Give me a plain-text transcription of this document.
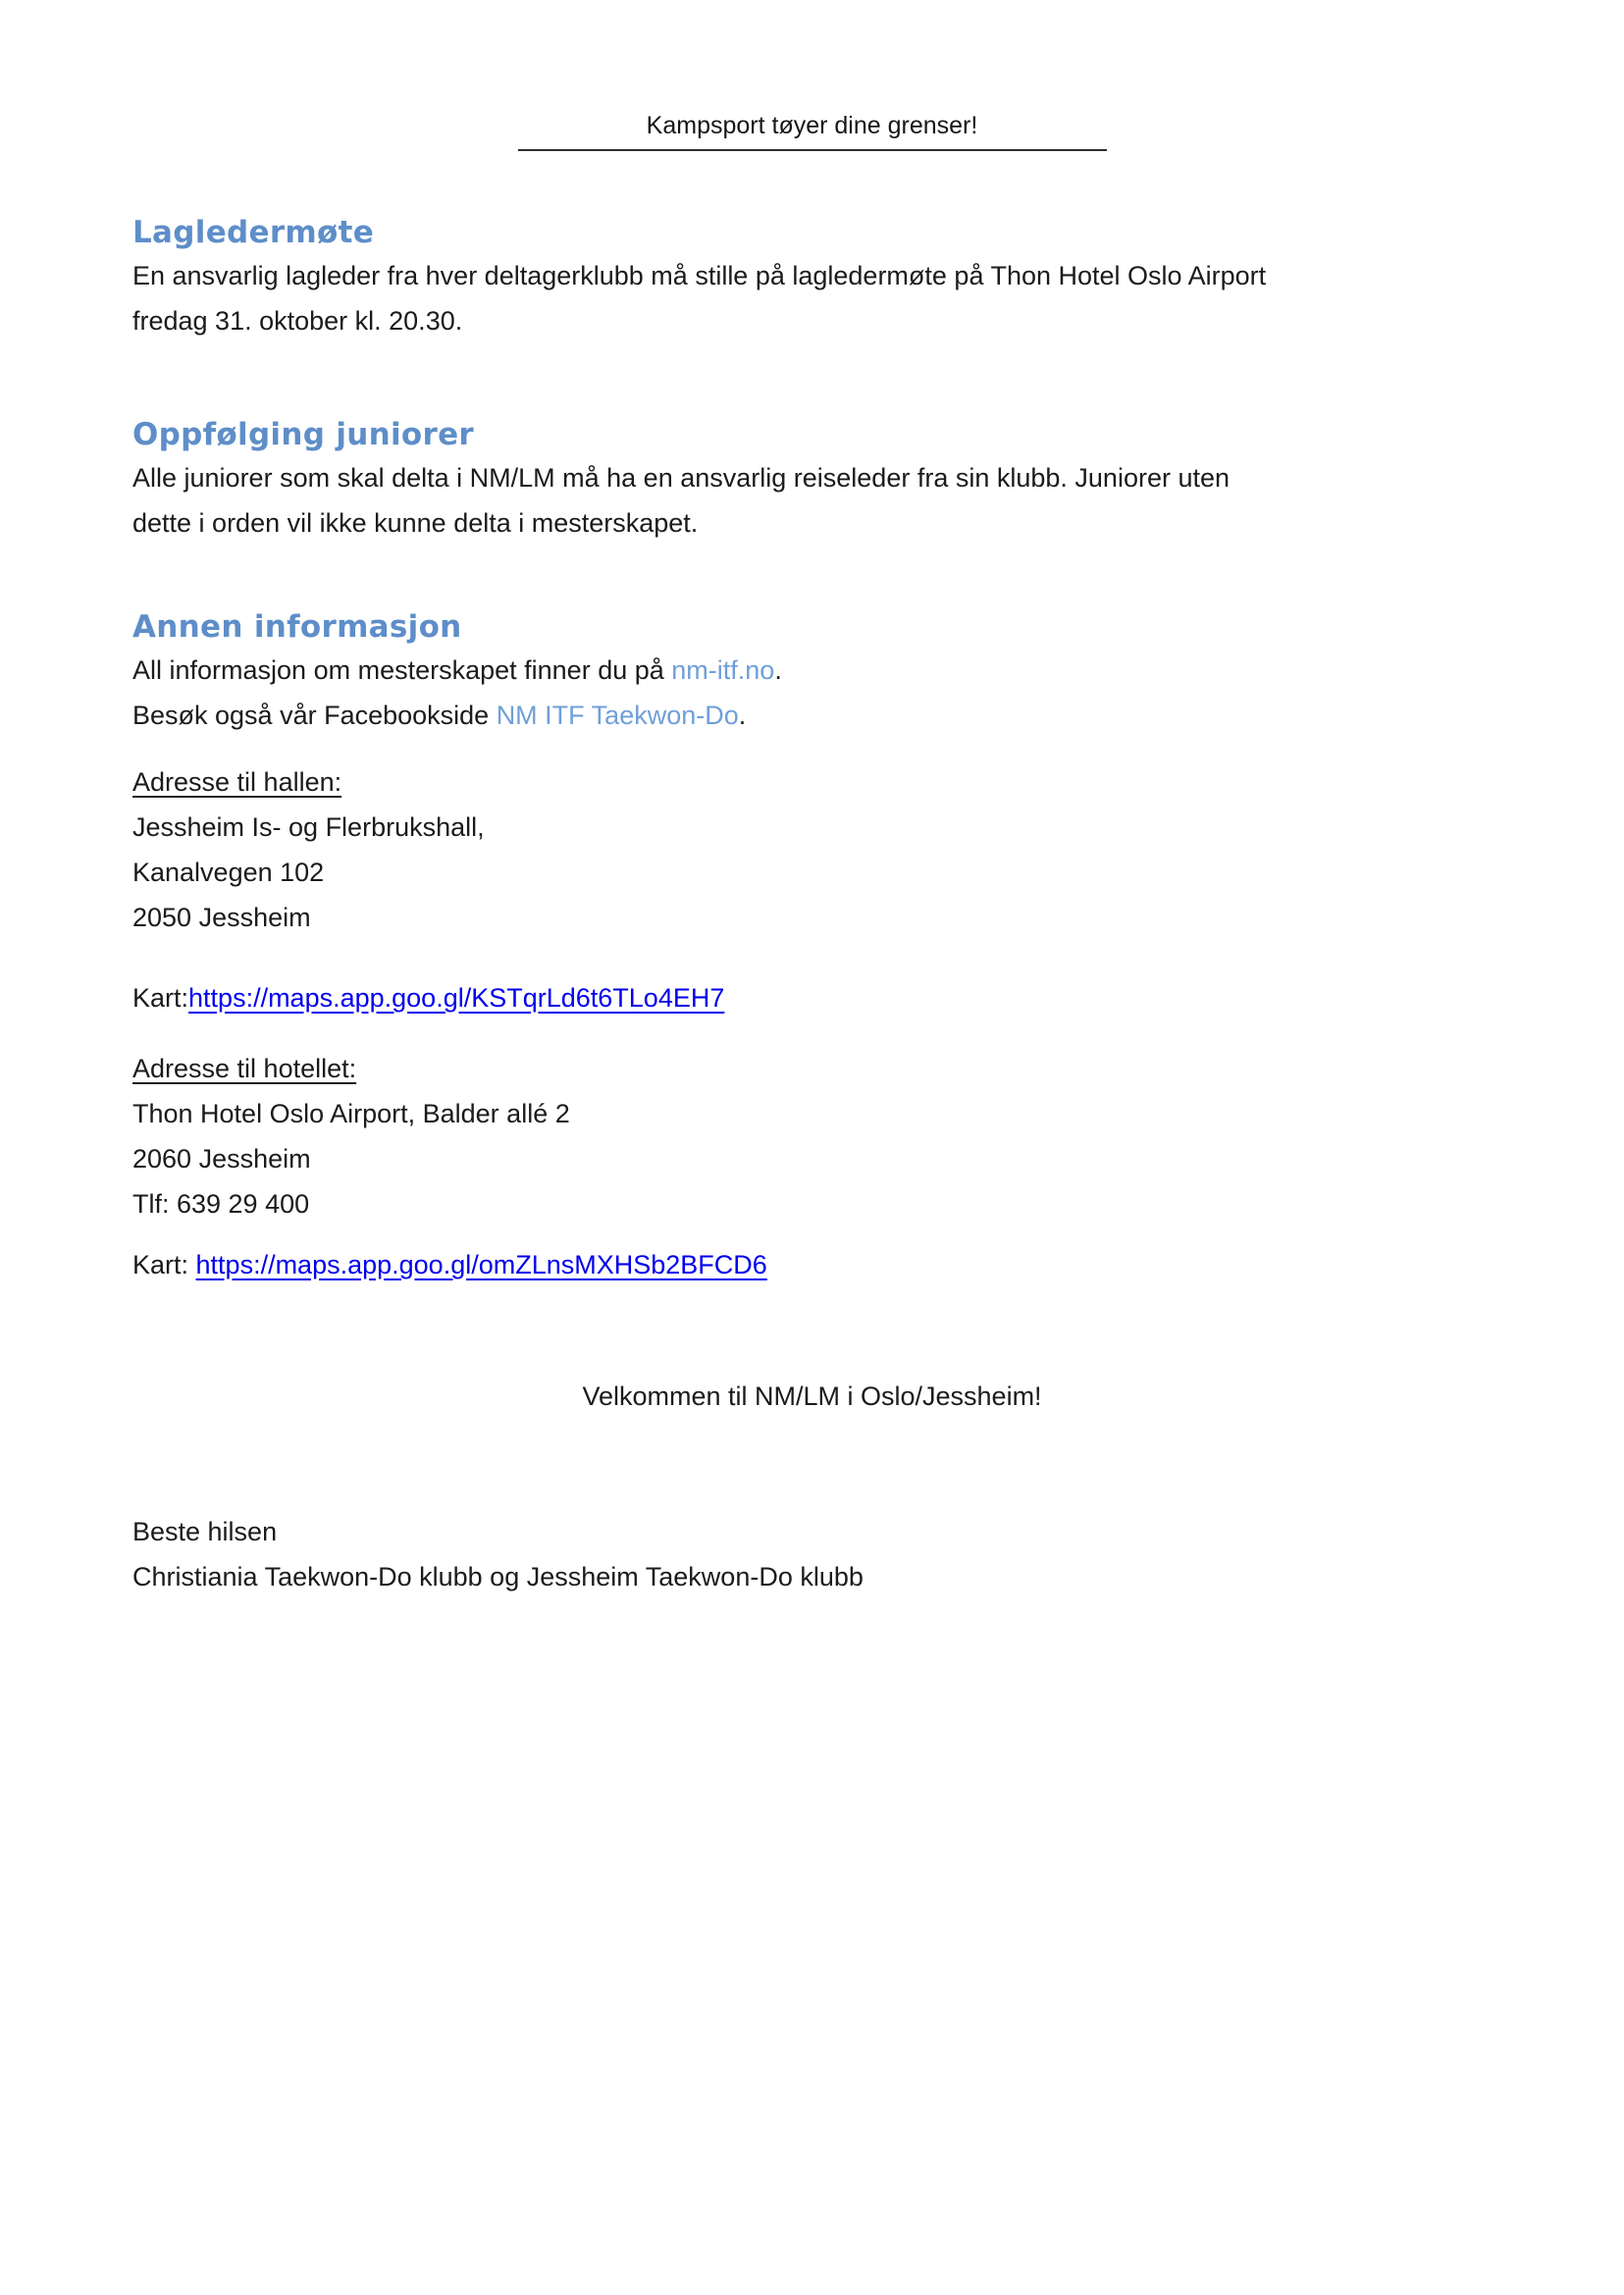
Kampsport tøyer dine grenser!
Lagledermøte
En ansvarlig lagleder fra hver deltagerklubb må stille på lagledermøte på Thon Hotel Oslo Airport
fredag 31. oktober kl. 20.30.
Oppfølging juniorer
Alle juniorer som skal delta i NM/LM må ha en ansvarlig reiseleder fra sin klubb. Juniorer uten
dette i orden vil ikke kunne delta i mesterskapet.
Annen informasjon
All informasjon om mesterskapet finner du på nm-itf.no.
Besøk også vår Facebookside NM ITF Taekwon-Do.
Adresse til hallen:
Jessheim Is- og Flerbrukshall,
Kanalvegen 102
2050 Jessheim
Kart:https://maps.app.goo.gl/KSTqrLd6t6TLo4EH7
Adresse til hotellet:
Thon Hotel Oslo Airport, Balder allé 2
2060 Jessheim
Tlf: 639 29 400
Kart: https://maps.app.goo.gl/omZLnsMXHSb2BFCD6
Velkommen til NM/LM i Oslo/Jessheim!
Beste hilsen
Christiania Taekwon-Do klubb og Jessheim Taekwon-Do klubb
